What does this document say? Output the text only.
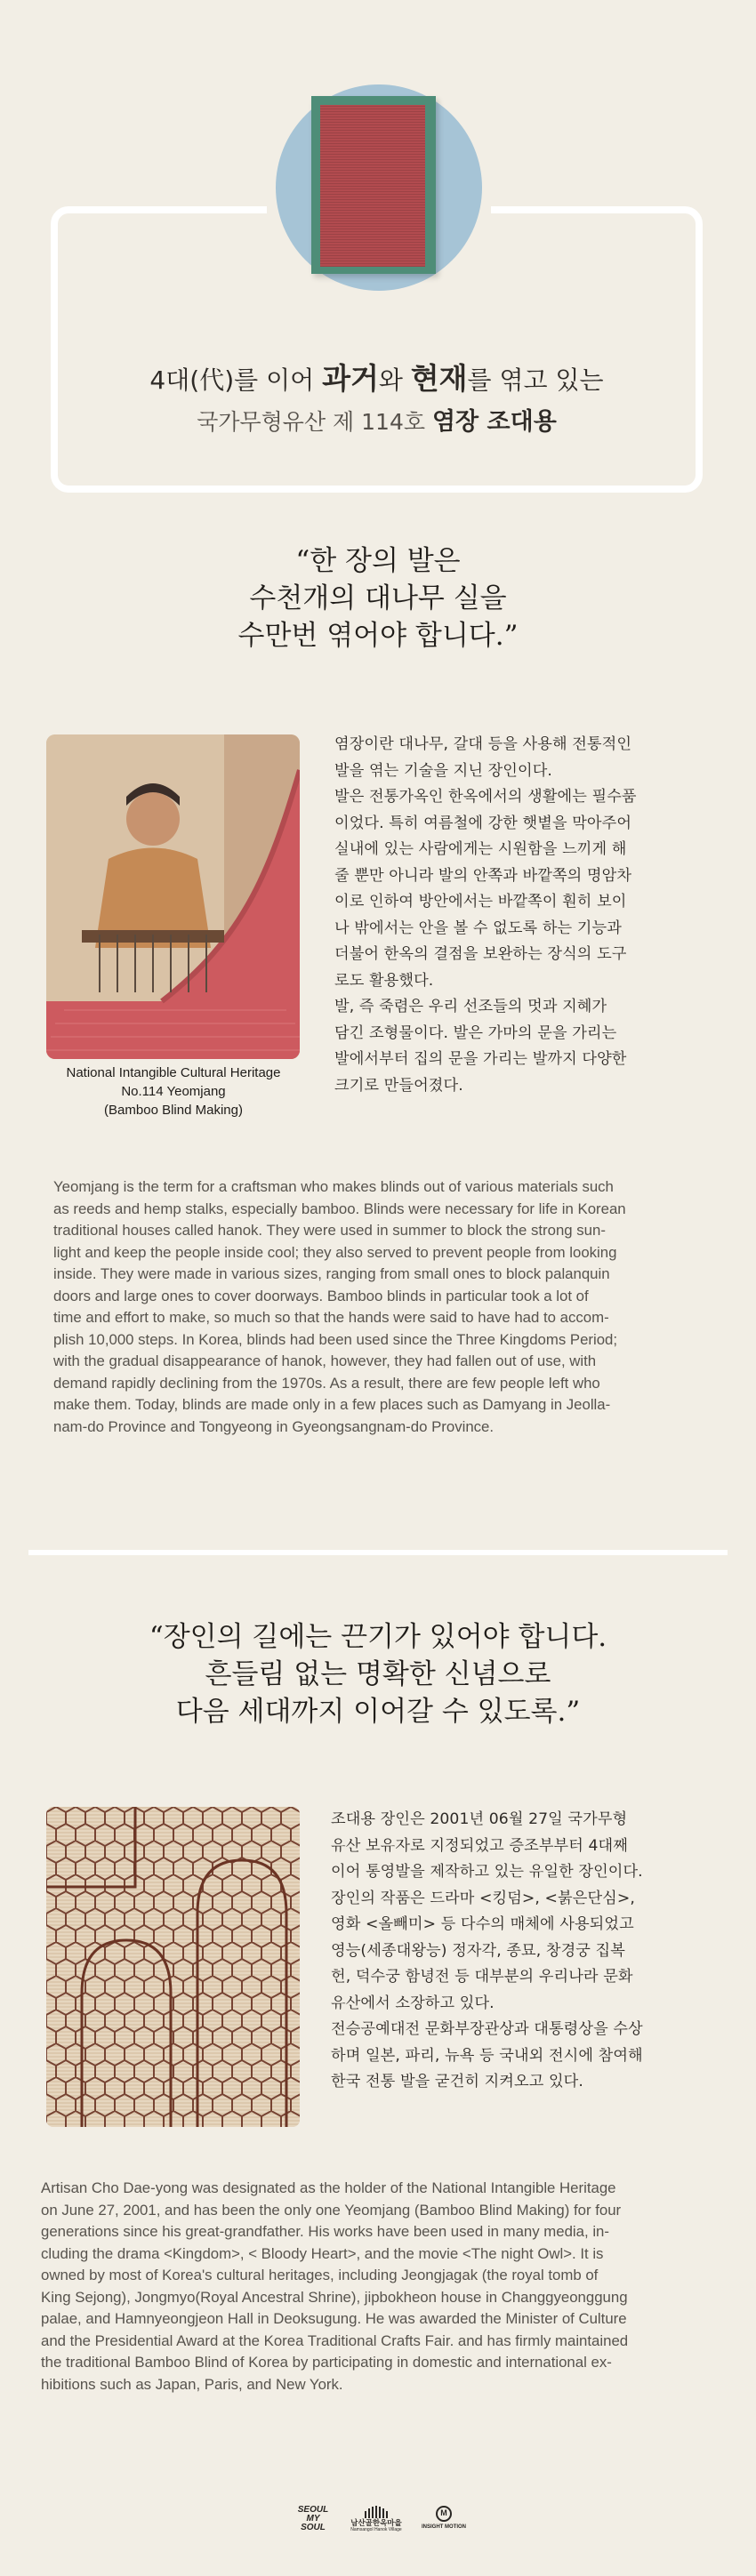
4대(代)를 이어 과거와 현재를 엮고 있는
국가무형유산 제 114호 염장 조대용
“한 장의 발은
수천개의 대나무 실을
수만번 엮어야 합니다.”
National Intangible Cultural Heritage
No.114 Yeomjang
(Bamboo Blind Making)
염장이란 대나무, 갈대 등을 사용해 전통적인
발을 엮는 기술을 지닌 장인이다.
발은 전통가옥인 한옥에서의 생활에는 필수품
이었다. 특히 여름철에 강한 햇볕을 막아주어
실내에 있는 사람에게는 시원함을 느끼게 해
줄 뿐만 아니라 발의 안쪽과 바깥쪽의 명암차
이로 인하여 방안에서는 바깥쪽이 훤히 보이
나 밖에서는 안을 볼 수 없도록 하는 기능과
더불어 한옥의 결점을 보완하는 장식의 도구
로도 활용했다.
발, 즉 죽렴은 우리 선조들의 멋과 지혜가
담긴 조형물이다. 발은 가마의 문을 가리는
발에서부터 집의 문을 가리는 발까지 다양한
크기로 만들어졌다.
Yeomjang is the term for a craftsman who makes blinds out of various materials such
as reeds and hemp stalks, especially bamboo. Blinds were necessary for life in Korean
traditional houses called hanok. They were used in summer to block the strong sun-
light and keep the people inside cool; they also served to prevent people from looking
inside. They were made in various sizes, ranging from small ones to block palanquin
doors and large ones to cover doorways. Bamboo blinds in particular took a lot of
time and effort to make, so much so that the hands were said to have had to accom-
plish 10,000 steps. In Korea, blinds had been used since the Three Kingdoms Period;
with the gradual disappearance of hanok, however, they had fallen out of use, with
demand rapidly declining from the 1970s. As a result, there are few people left who
make them. Today, blinds are made only in a few places such as Damyang in Jeolla-
nam-do Province and Tongyeong in Gyeongsangnam-do Province.
“장인의 길에는 끈기가 있어야 합니다.
흔들림 없는 명확한 신념으로
다음 세대까지 이어갈 수 있도록.”
조대용 장인은 2001년 06월 27일 국가무형
유산 보유자로 지정되었고 증조부부터 4대째
이어 통영발을 제작하고 있는 유일한 장인이다.
장인의 작품은 드라마 <킹덤>, <붉은단심>,
영화 <올빼미> 등 다수의 매체에 사용되었고
영능(세종대왕능) 정자각, 종묘, 창경궁 집복
헌, 덕수궁 함녕전 등 대부분의 우리나라 문화
유산에서 소장하고 있다.
전승공예대전 문화부장관상과 대통령상을 수상
하며 일본, 파리, 뉴욕 등 국내외 전시에 참여해
한국 전통 발을 굳건히 지켜오고 있다.
Artisan Cho Dae-yong was designated as the holder of the National Intangible Heritage
on June 27, 2001, and has been the only one Yeomjang (Bamboo Blind Making) for four
generations since his great-grandfather. His works have been used in many media, in-
cluding the drama <Kingdom>, < Bloody Heart>, and the movie <The night Owl>. It is
owned by most of Korea's cultural heritages, including Jeongjagak (the royal tomb of
King Sejong), Jongmyo(Royal Ancestral Shrine), jipbokheon house in Changgyeonggung
palae, and Hamnyeongjeon Hall in Deoksugung. He was awarded the Minister of Culture
and the Presidential Award at the Korea Traditional Crafts Fair. and has firmly maintained
the traditional Bamboo Blind of Korea by participating in domestic and international ex-
hibitions such as Japan, Paris, and New York.
SEOUL
MY SOUL	남산골한옥마을
Namsangol Hanok Village
M
INSIGHT MOTION
